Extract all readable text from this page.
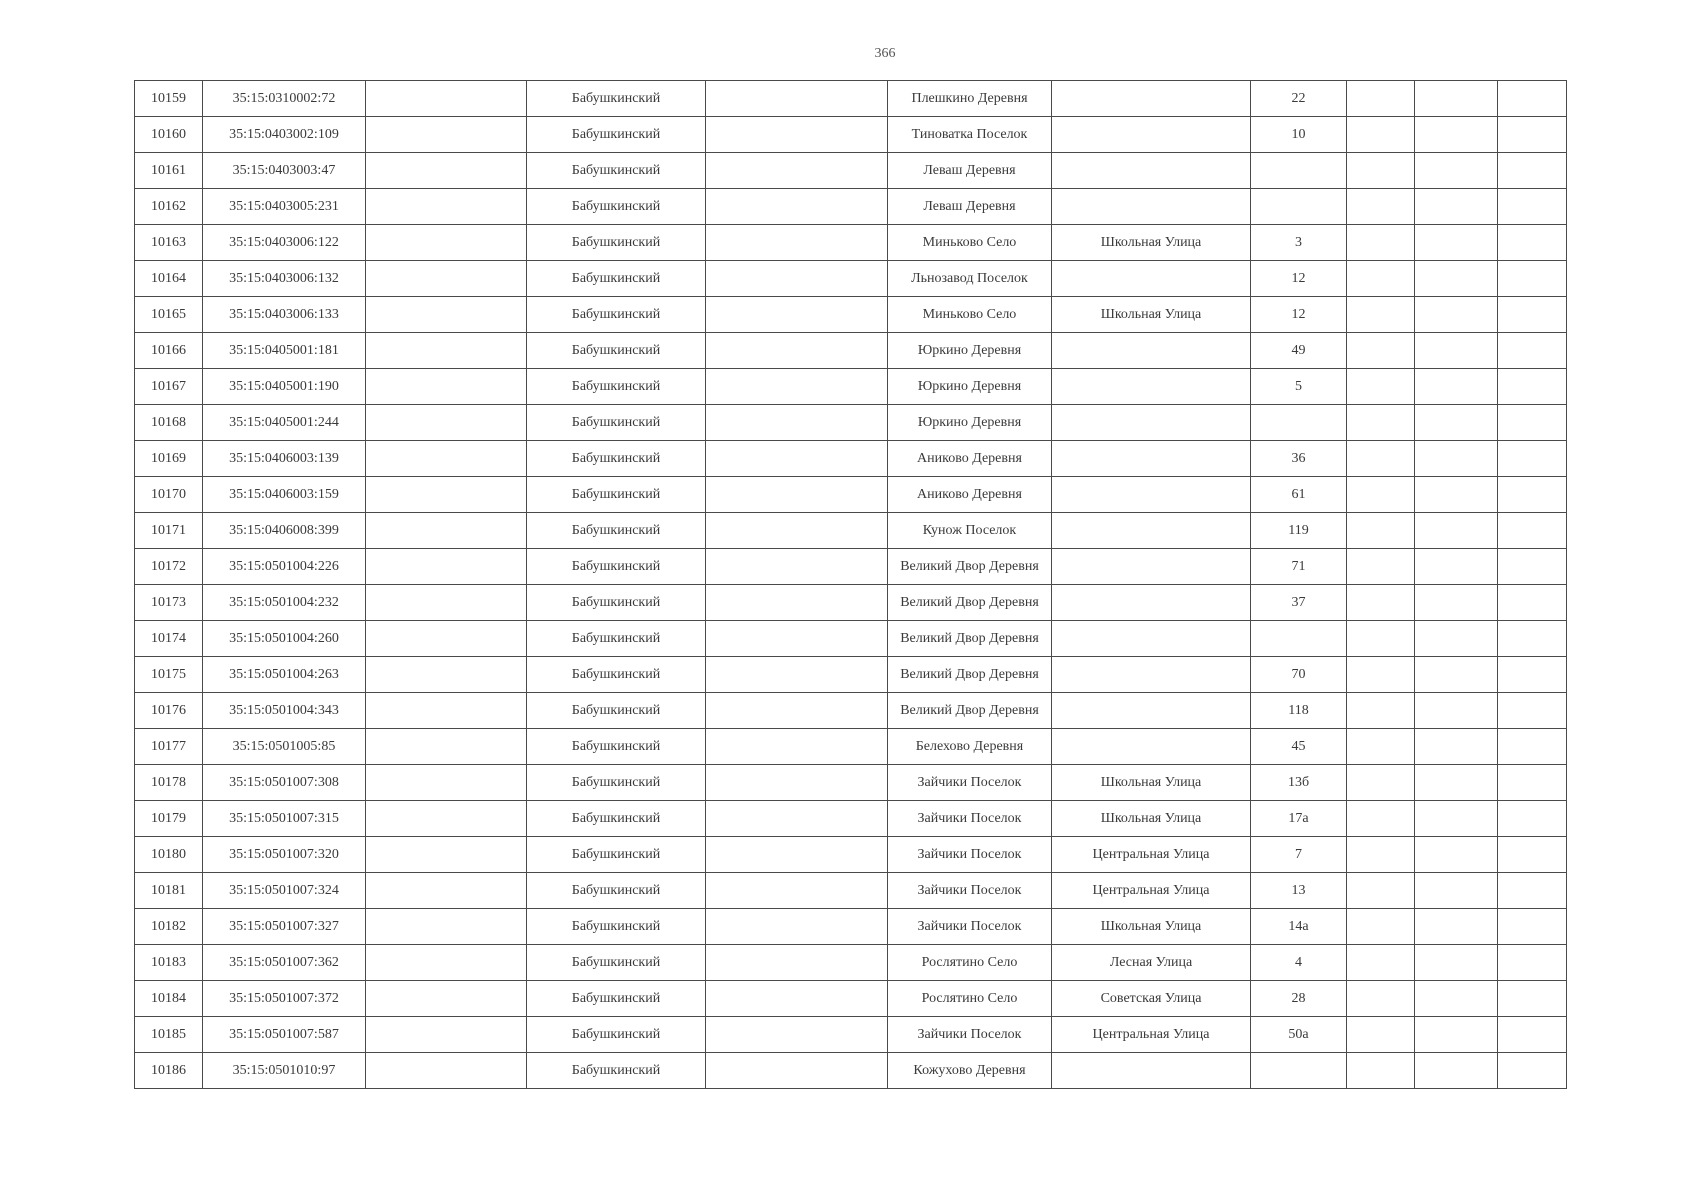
366
10159	35:15:0310002:72		Бабушкинский		Плешкино Деревня		22			
10160	35:15:0403002:109		Бабушкинский		Тиноватка Поселок		10			
10161	35:15:0403003:47		Бабушкинский		Леваш Деревня					
10162	35:15:0403005:231		Бабушкинский		Леваш Деревня					
10163	35:15:0403006:122		Бабушкинский		Миньково Село	Школьная Улица	3			
10164	35:15:0403006:132		Бабушкинский		Льнозавод Поселок		12			
10165	35:15:0403006:133		Бабушкинский		Миньково Село	Школьная Улица	12			
10166	35:15:0405001:181		Бабушкинский		Юркино Деревня		49			
10167	35:15:0405001:190		Бабушкинский		Юркино Деревня		5			
10168	35:15:0405001:244		Бабушкинский		Юркино Деревня					
10169	35:15:0406003:139		Бабушкинский		Аниково Деревня		36			
10170	35:15:0406003:159		Бабушкинский		Аниково Деревня		61			
10171	35:15:0406008:399		Бабушкинский		Кунож Поселок		119			
10172	35:15:0501004:226		Бабушкинский		Великий Двор Деревня		71			
10173	35:15:0501004:232		Бабушкинский		Великий Двор Деревня		37			
10174	35:15:0501004:260		Бабушкинский		Великий Двор Деревня					
10175	35:15:0501004:263		Бабушкинский		Великий Двор Деревня		70			
10176	35:15:0501004:343		Бабушкинский		Великий Двор Деревня		118			
10177	35:15:0501005:85		Бабушкинский		Белехово Деревня		45			
10178	35:15:0501007:308		Бабушкинский		Зайчики Поселок	Школьная Улица	13б			
10179	35:15:0501007:315		Бабушкинский		Зайчики Поселок	Школьная Улица	17а			
10180	35:15:0501007:320		Бабушкинский		Зайчики Поселок	Центральная Улица	7			
10181	35:15:0501007:324		Бабушкинский		Зайчики Поселок	Центральная Улица	13			
10182	35:15:0501007:327		Бабушкинский		Зайчики Поселок	Школьная Улица	14а			
10183	35:15:0501007:362		Бабушкинский		Рослятино Село	Лесная Улица	4			
10184	35:15:0501007:372		Бабушкинский		Рослятино Село	Советская Улица	28			
10185	35:15:0501007:587		Бабушкинский		Зайчики Поселок	Центральная Улица	50а			
10186	35:15:0501010:97		Бабушкинский		Кожухово Деревня					
